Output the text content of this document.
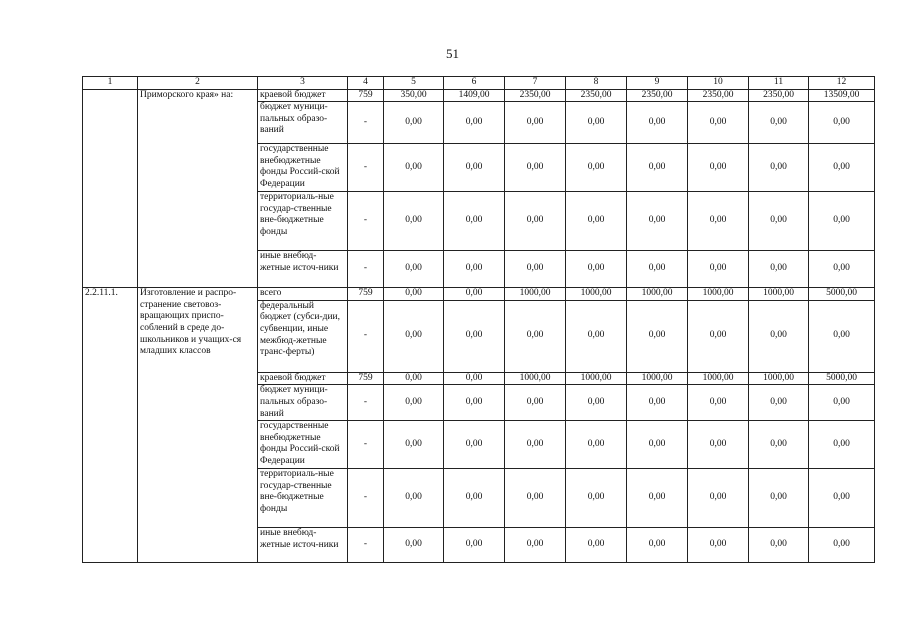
51
1	2	3	4	5	6	7	8	9	10	11	12
	Приморского края» на:	краевой бюджет	759	350,00	1409,00	2350,00	2350,00	2350,00	2350,00	2350,00	13509,00
		бюджет муници-пальных образо-ваний	-	0,00	0,00	0,00	0,00	0,00	0,00	0,00	0,00
		государственные внебюджетные фонды Россий-ской Федерации	-	0,00	0,00	0,00	0,00	0,00	0,00	0,00	0,00
		территориаль-ные государ-ственные вне-бюджетные фонды	-	0,00	0,00	0,00	0,00	0,00	0,00	0,00	0,00
		иные внебюд-жетные источ-ники	-	0,00	0,00	0,00	0,00	0,00	0,00	0,00	0,00
2.2.11.1.	Изготовление и распро-странение световоз-вращающих приспо-соблений в среде до-школьников и учащих-ся младших классов	всего	759	0,00	0,00	1000,00	1000,00	1000,00	1000,00	1000,00	5000,00
		федеральный бюджет (субси-дии, субвенции, иные межбюд-жетные транс-ферты)	-	0,00	0,00	0,00	0,00	0,00	0,00	0,00	0,00
		краевой бюджет	759	0,00	0,00	1000,00	1000,00	1000,00	1000,00	1000,00	5000,00
		бюджет муници-пальных образо-ваний	-	0,00	0,00	0,00	0,00	0,00	0,00	0,00	0,00
		государственные внебюджетные фонды Россий-ской Федерации	-	0,00	0,00	0,00	0,00	0,00	0,00	0,00	0,00
		территориаль-ные государ-ственные вне-бюджетные фонды	-	0,00	0,00	0,00	0,00	0,00	0,00	0,00	0,00
		иные внебюд-жетные источ-ники	-	0,00	0,00	0,00	0,00	0,00	0,00	0,00	0,00
